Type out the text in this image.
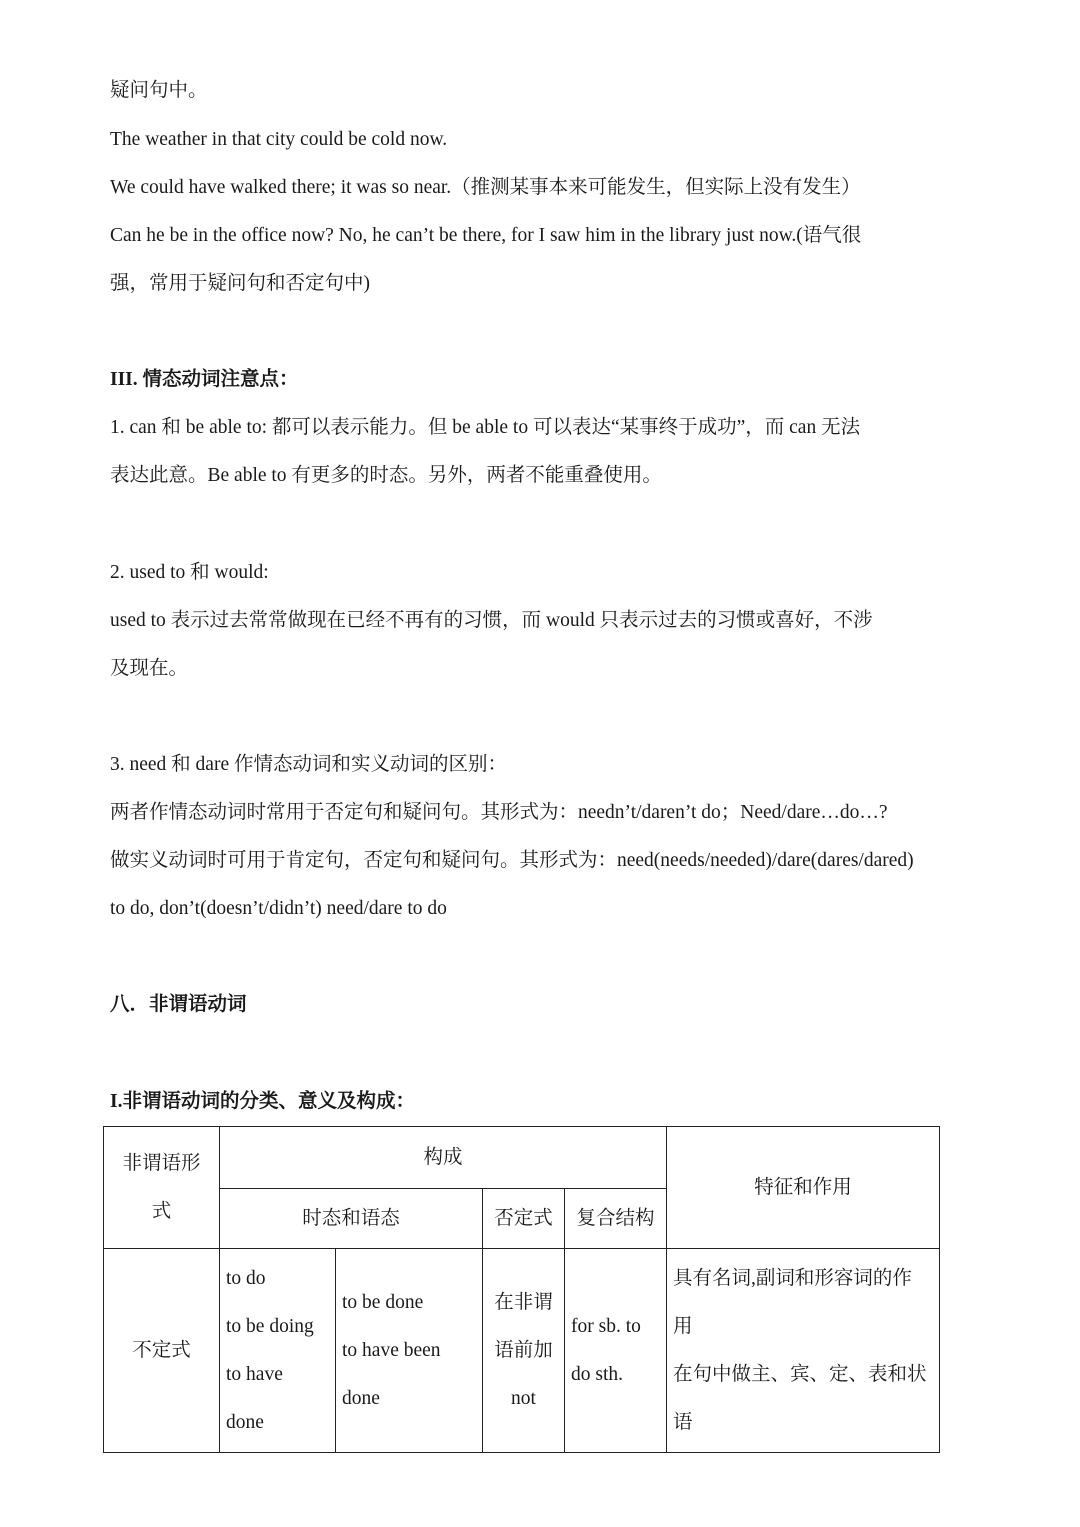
疑问句中。
The weather in that city could be cold now.
We could have walked there; it was so near.（推测某事本来可能发生，但实际上没有发生）
Can he be in the office now? No, he can’t be there, for I saw him in the library just now.(语气很
强，常用于疑问句和否定句中)
III. 情态动词注意点：
1. can 和 be able to: 都可以表示能力。但 be able to 可以表达“某事终于成功”，而 can 无法
表达此意。Be able to 有更多的时态。另外，两者不能重叠使用。
2. used to 和 would:
used to 表示过去常常做现在已经不再有的习惯，而 would 只表示过去的习惯或喜好，不涉
及现在。
3. need 和 dare 作情态动词和实义动词的区别：
两者作情态动词时常用于否定句和疑问句。其形式为：needn’t/daren’t do；Need/dare…do…?
做实义动词时可用于肯定句，否定句和疑问句。其形式为：need(needs/needed)/dare(dares/dared)
to do, don’t(doesn’t/didn’t) need/dare to do
八．非谓语动词
I.非谓语动词的分类、意义及构成：
非谓语形
式	构成				特征和作用
	时态和语态		否定式	复合结构	
不定式	to do
to be doing
to have
done	to be done
to have been
done	在非谓
语前加
not	for sb. to
do sth.	具有名词,副词和形容词的作
用
在句中做主、宾、定、表和状
语
